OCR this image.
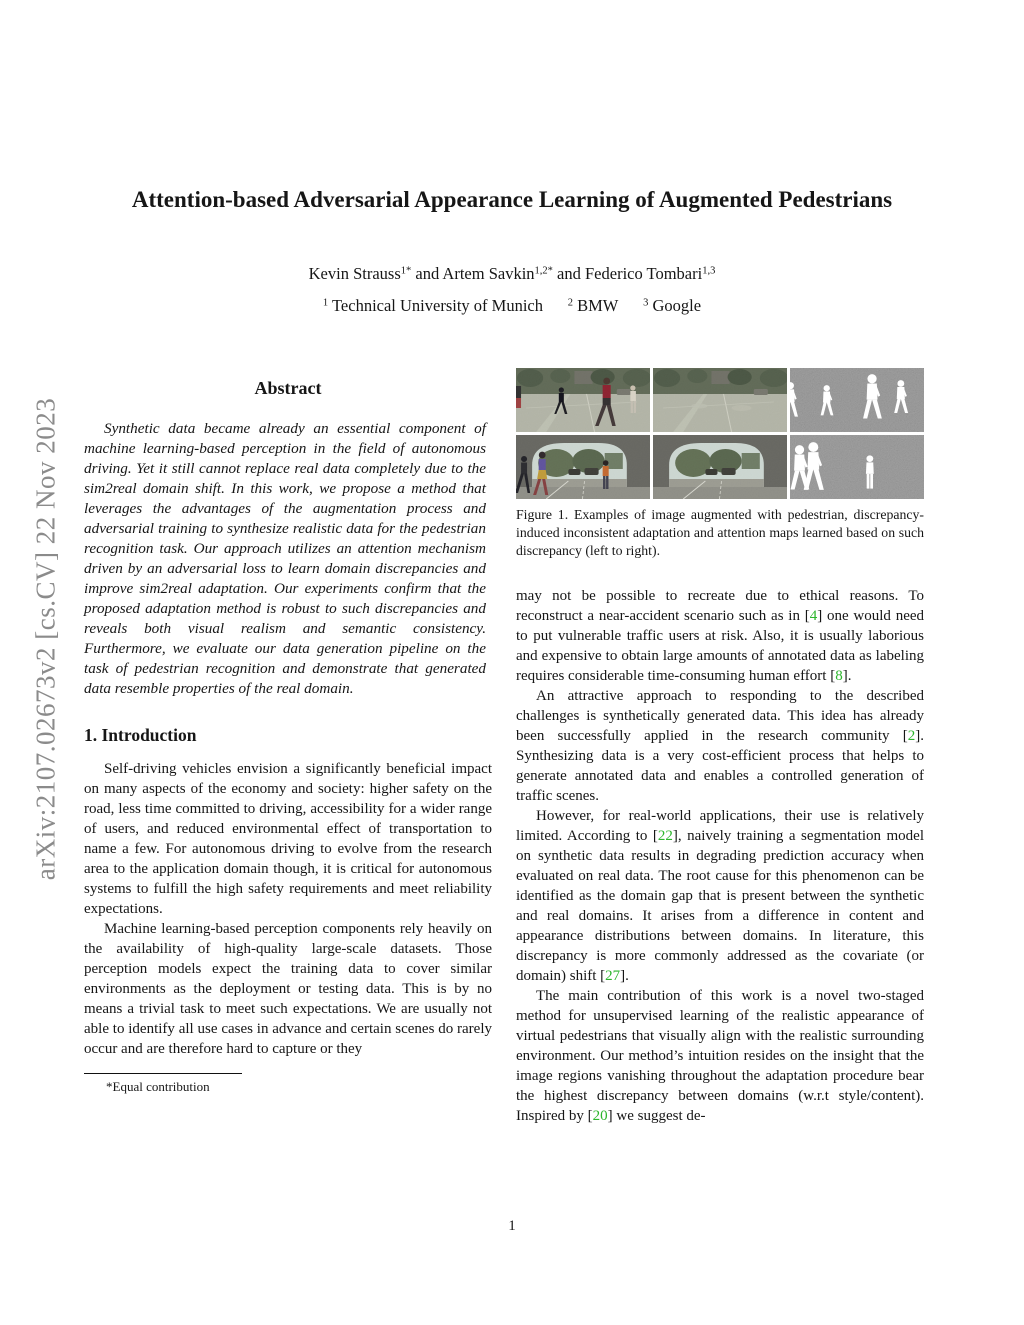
arXiv:2107.02673v2 [cs.CV] 22 Nov 2023
Attention-based Adversarial Appearance Learning of Augmented Pedestrians
Kevin Strauss$^{1*}$ and Artem Savkin$^{1,2*}$ and Federico Tombari$^{1,3}$
$^1$ Technical University of Munich  $^2$ BMW  $^3$ Google
Abstract

Synthetic data became already an essential component of machine learning-based perception in the field of autonomous driving. Yet it still cannot replace real data completely due to the sim2real domain shift. In this work, we propose a method that leverages the advantages of the augmentation process and adversarial training to synthesize realistic data for the pedestrian recognition task. Our approach utilizes an attention mechanism driven by an adversarial loss to learn domain discrepancies and improve sim2real adaptation. Our experiments confirm that the proposed adaptation method is robust to such discrepancies and reveals both visual realism and semantic consistency. Furthermore, we evaluate our data generation pipeline on the task of pedestrian recognition and demonstrate that generated data resemble properties of the real domain.

1. Introduction

Self-driving vehicles envision a significantly beneficial impact on many aspects of the economy and society: higher safety on the road, less time committed to driving, accessibility for a wider range of users, and reduced environmental effect of transportation to name a few. For autonomous driving to evolve from the research area to the application domain though, it is critical for autonomous systems to fulfill the high safety requirements and meet reliability expectations.

Machine learning-based perception components rely heavily on the availability of high-quality large-scale datasets. Those perception models expect the training data to cover similar environments as the deployment or testing data. This is by no means a trivial task to meet such expectations. We are usually not able to identify all use cases in advance and certain scenes do rarely occur and are therefore hard to capture or they

*Equal contribution
Figure 1. Examples of image augmented with pedestrian, discrepancy-induced inconsistent adaptation and attention maps learned based on such discrepancy (left to right).

may not be possible to recreate due to ethical reasons. To reconstruct a near-accident scenario such as in [4] one would need to put vulnerable traffic users at risk. Also, it is usually laborious and expensive to obtain large amounts of annotated data as labeling requires considerable time-consuming human effort [8].

An attractive approach to responding to the described challenges is synthetically generated data. This idea has already been successfully applied in the research community [2]. Synthesizing data is a very cost-efficient process that helps to generate annotated data and enables a controlled generation of traffic scenes.

However, for real-world applications, their use is relatively limited. According to [22], naively training a segmentation model on synthetic data results in degrading prediction accuracy when evaluated on real data. The root cause for this phenomenon can be identified as the domain gap that is present between the synthetic and real domains. It arises from a difference in content and appearance distributions between domains. In literature, this discrepancy is more commonly addressed as the covariate (or domain) shift [27].

The main contribution of this work is a novel two-staged method for unsupervised learning of the realistic appearance of virtual pedestrians that visually align with the realistic surrounding environment. Our method’s intuition resides on the insight that the image regions vanishing throughout the adaptation procedure bear the highest discrepancy between domains (w.r.t style/content). Inspired by [20] we suggest de-

1
